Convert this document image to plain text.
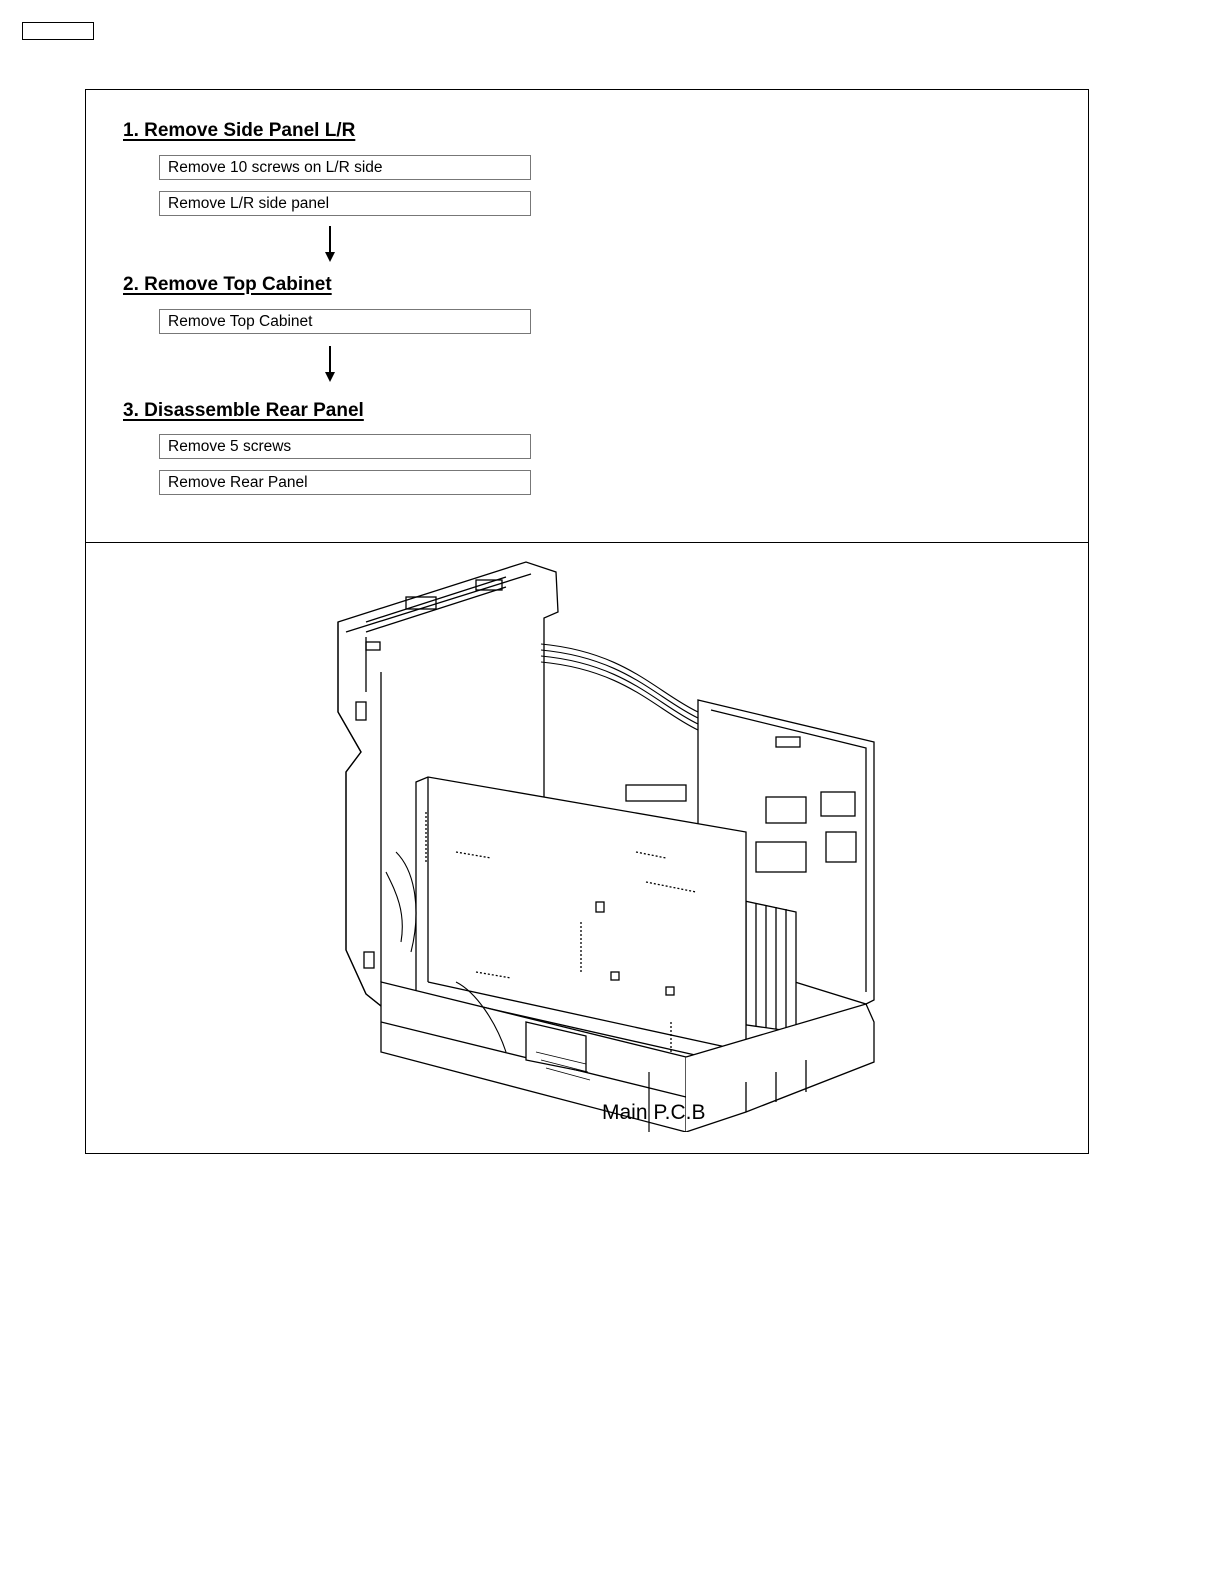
1. Remove Side Panel L/R
Remove 10 screws on L/R side
Remove L/R side panel
2. Remove Top Cabinet
Remove Top Cabinet
3. Disassemble Rear Panel
Remove 5 screws
Remove Rear Panel
Main P.C.B
